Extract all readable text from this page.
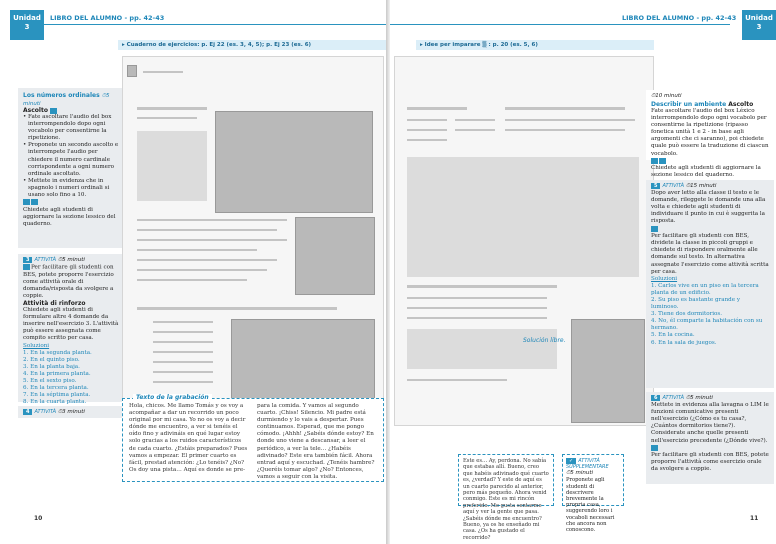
Unidad
3
LIBRO DEL ALUMNO - pp. 42-43
▸ Cuaderno de ejercicios: p. Ej 22 (es. 3, 4, 5); p. Ej 23 (es. 6)
Los números ordinales ⏱5 minuti
Ascolto
• Fate ascoltare l'audio del box interrompendolo dopo ogni vocabolo per consentirne la ripetizione.
• Proponete un secondo ascolto e interrompete l'audio per chiedere il numero cardinale corrispondente a ogni numero ordinale ascoltato.
• Mettete in evidenza che in spagnolo i numeri ordinali si usano solo fino a 10.
Chiedete agli studenti di aggiornare la sezione lessico del quaderno.
3 ATTIVITÀ ⏱5 minuti
Per facilitare gli studenti con BES, potete proporre l'esercizio come attività orale di domanda/risposta da svolgere a coppie.
Attività di rinforzo
Chiedete agli studenti di formulare altre 4 domande da inserire nell'esercizio 3. L'attività può essere assegnata come compito scritto per casa.
Soluzioni
1. En la segunda planta.
2. En el quinto piso.
3. En la planta baja.
4. En la primera planta.
5. En el sexto piso.
6. En la tercera planta.
7. En la séptima planta.
8. En la cuarta planta.
4 ATTIVITÀ ⏱3 minuti
Texto de la grabación
Hola, chicos. Me llamo Tomás y os voy a acompañar a dar un recorrido un poco original por mi casa. Yo no os voy a decir dónde me encuentro, a ver si tenéis el oído fino y adivináis en qué lugar estoy solo gracias a los ruidos característicos de cada cuarto. ¿Estáis preparados? Pues vamos a empezar. El primer cuarto es fácil, prestad atención: ¿Lo tenéis? ¿No? Os doy una pista… Aquí es donde se pre-
para la comida. Y vamos al segundo cuarto. ¡Chiss! Silencio. Mi padre está durmiendo y lo vais a despertar. Pues continuamos. Esperad, que me pongo cómodo. ¡Ahhh! ¿Sabéis dónde estoy? En donde uno viene a descansar, a leer el periódico, a ver la tele… ¿Habéis adivinado? Este era también fácil. Ahora entrad aquí y escuchad. ¿Tenéis hambre? ¿Queréis tomar algo? ¿No? Entonces, vamos a seguir con la visita.
10
LIBRO DEL ALUMNO - pp. 42-43	Unidad
3
▸ Idee per imparare ▒ : p. 20 (es. 5, 6)
Solución libre.
Este es… Ay, perdona. No sabía que estabas allí. Bueno, creo que habéis adivinado qué cuarto es, ¿verdad? Y este de aquí es un cuarto parecido al anterior, pero más pequeño. Ahora venid conmigo. Este es mi rincón preferido. Me gusta sentarme aquí y ver la gente que pasa. ¿Sabéis dónde me encuentro? Bueno, ya os he enseñado mi casa. ¿Os ha gustado el recorrido?
✓ ATTIVITÀ SUPPLEMENTARE
⏱5 minuti
Proponete agli studenti di descrivere brevemente la propria casa, suggerendo loro i vocaboli necessari che ancora non conoscono.
⏱10 minuti
Describir un ambiente Ascolto
Fate ascoltare l'audio del box Léxico interrompendolo dopo ogni vocabolo per consentirne la ripetizione (ripasso fonetica unità 1 e 2 - in base agli argomenti che ci saranno), poi chiedete quale può essere la traduzione di ciascun vocabolo.
Chiedete agli studenti di aggiornare la sezione lessico del quaderno.
5 ATTIVITÀ ⏱15 minuti
Dopo aver letto alla classe il testo e le domande, rileggete le domande una alla volta e chiedete agli studenti di individuare il punto in cui è suggerita la risposta.
Per facilitare gli studenti con BES, dividete la classe in piccoli gruppi e chiedete di rispondere oralmente alle domande sul testo. In alternativa assegnate l'esercizio come attività scritta per casa.
Soluzioni
1. Carlos vive en un piso en la tercera planta de un edificio.
2. Su piso es bastante grande y luminoso.
3. Tiene dos dormitorios.
4. No, él comparte la habitación con su hermano.
5. En la cocina.
6. En la sala de juegos.
6 ATTIVITÀ ⏱5 minuti
Mettete in evidenza alla lavagna o LIM le funzioni comunicative presenti nell'esercizio (¿Cómo es tu casa?, ¿Cuántos dormitorios tiene?). Considerate anche quelle presenti nell'esercizio precedente (¿Dónde vive?).
Per facilitare gli studenti con BES, potete proporre l'attività come esercizio orale da svolgere a coppie.
11
